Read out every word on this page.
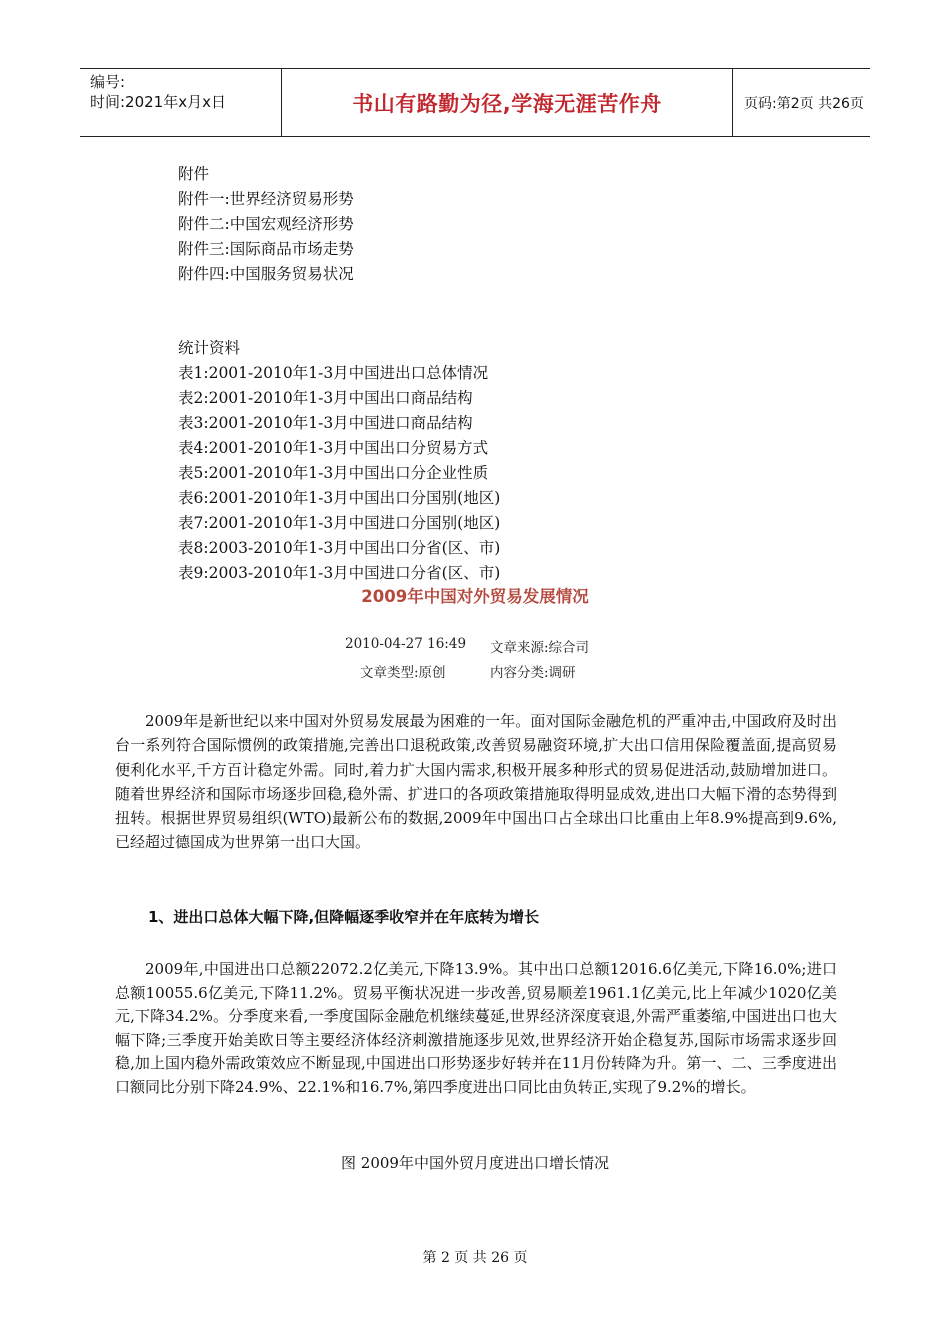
编号:
时间:2021年x月x日	书山有路勤为径,学海无涯苦作舟	页码:第2页 共26页
附件
附件一:世界经济贸易形势
附件二:中国宏观经济形势
附件三:国际商品市场走势
附件四:中国服务贸易状况
统计资料
表1:2001-2010年1-3月中国进出口总体情况
表2:2001-2010年1-3月中国出口商品结构
表3:2001-2010年1-3月中国进口商品结构
表4:2001-2010年1-3月中国出口分贸易方式
表5:2001-2010年1-3月中国出口分企业性质
表6:2001-2010年1-3月中国出口分国别(地区)
表7:2001-2010年1-3月中国进口分国别(地区)
表8:2003-2010年1-3月中国出口分省(区、市)
表9:2003-2010年1-3月中国进口分省(区、市)
2009年中国对外贸易发展情况
2010-04-27 16:49 文章来源:综合司
文章类型:原创	内容分类:调研

2009年是新世纪以来中国对外贸易发展最为困难的一年。面对国际金融危机的严重冲击,中国政府及时出台一系列符合国际惯例的政策措施,完善出口退税政策,改善贸易融资环境,扩大出口信用保险覆盖面,提高贸易便利化水平,千方百计稳定外需。同时,着力扩大国内需求,积极开展多种形式的贸易促进活动,鼓励增加进口。随着世界经济和国际市场逐步回稳,稳外需、扩进口的各项政策措施取得明显成效,进出口大幅下滑的态势得到扭转。根据世界贸易组织(WTO)最新公布的数据,2009年中国出口占全球出口比重由上年8.9%提高到9.6%,已经超过德国成为世界第一出口大国。

1、进出口总体大幅下降,但降幅逐季收窄并在年底转为增长

2009年,中国进出口总额22072.2亿美元,下降13.9%。其中出口总额12016.6亿美元,下降16.0%;进口总额10055.6亿美元,下降11.2%。贸易平衡状况进一步改善,贸易顺差1961.1亿美元,比上年减少1020亿美元,下降34.2%。分季度来看,一季度国际金融危机继续蔓延,世界经济深度衰退,外需严重萎缩,中国进出口也大幅下降;三季度开始美欧日等主要经济体经济刺激措施逐步见效,世界经济开始企稳复苏,国际市场需求逐步回稳,加上国内稳外需政策效应不断显现,中国进出口形势逐步好转并在11月份转降为升。第一、二、三季度进出口额同比分别下降24.9%、22.1%和16.7%,第四季度进出口同比由负转正,实现了9.2%的增长。

图 2009年中国外贸月度进出口增长情况
第 2 页 共 26 页
